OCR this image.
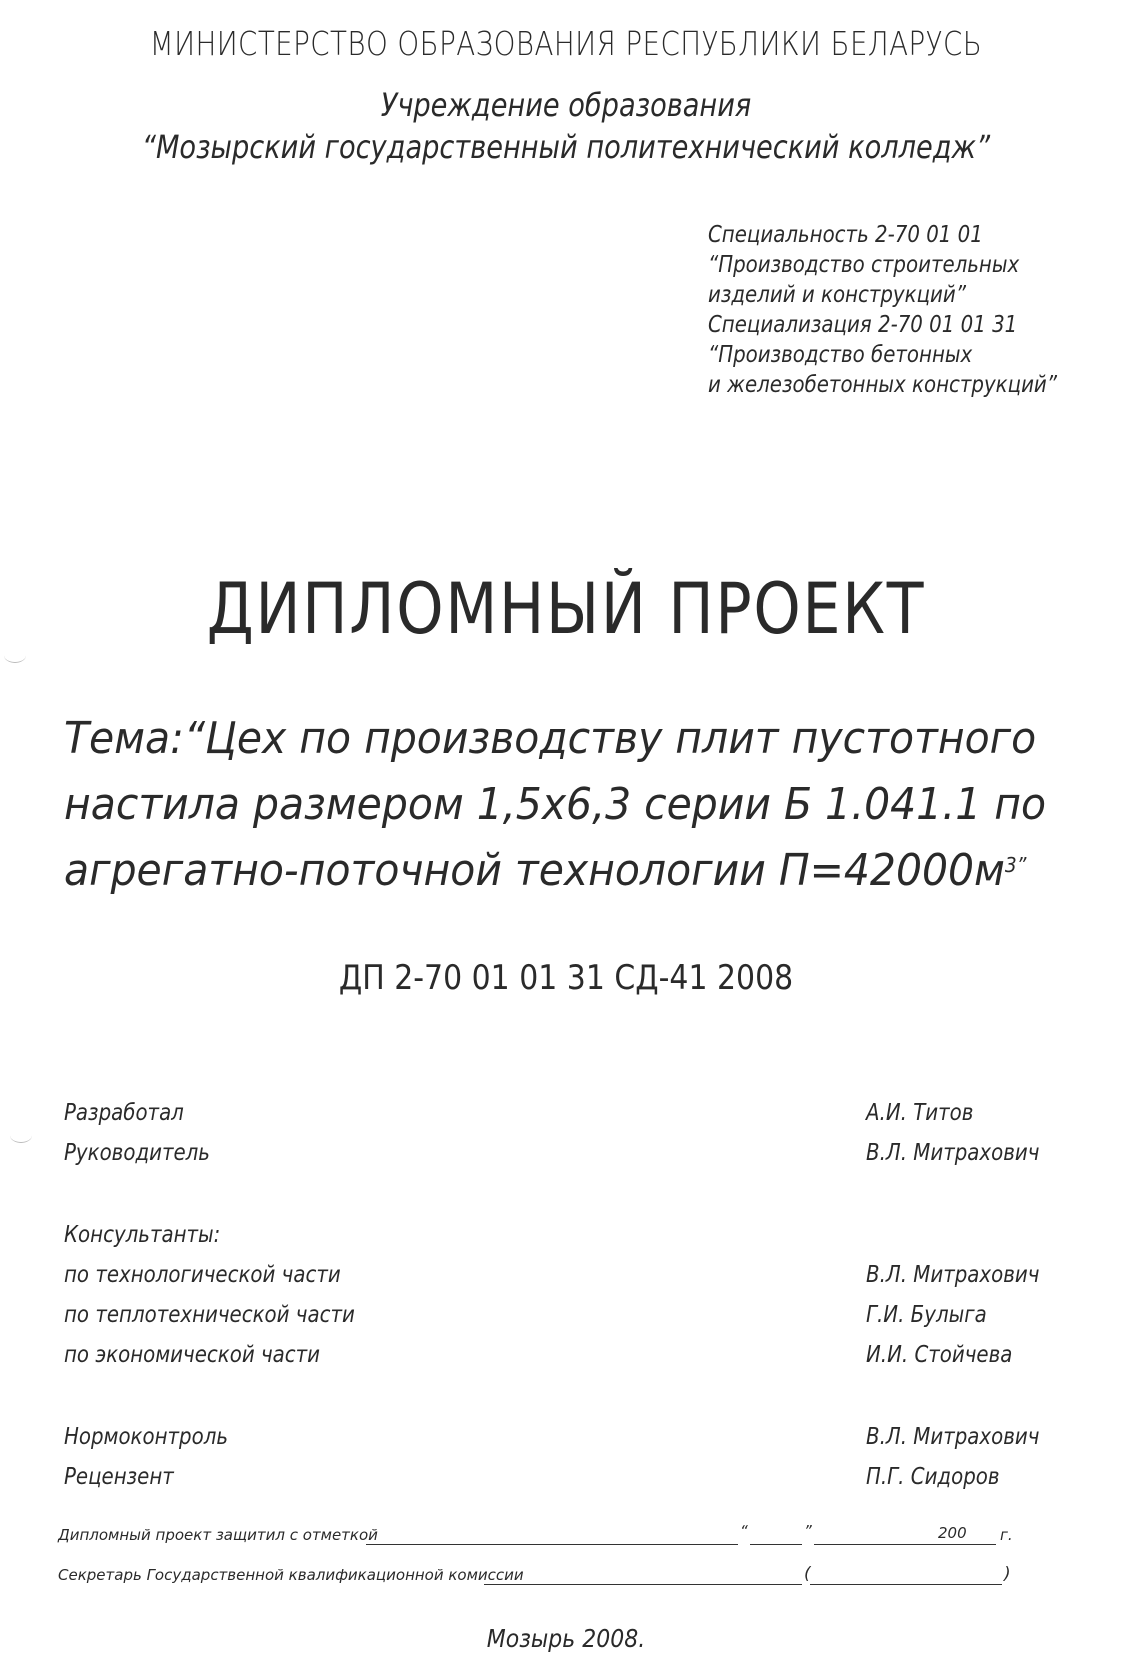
МИНИСТЕРСТВО ОБРАЗОВАНИЯ РЕСПУБЛИКИ БЕЛАРУСЬ
Учреждение образования
“Мозырский государственный политехнический колледж”
Специальность 2-70 01 01
“Производство строительных
изделий и конструкций”
Специализация 2-70 01 01 31
“Производство бетонных
и железобетонных конструкций”
ДИПЛОМНЫЙ ПРОЕКТ
Тема:“Цех по производству плит пустотного
настила размером 1,5х6,3 серии Б 1.041.1 по
агрегатно-поточной технологии $П=42000м^{3”}$
ДП 2-70 01 01 31 СД-41 2008
Разработал	А.И. Титов
Руководитель	В.Л. Митрахович
Консультанты:
по технологической части	В.Л. Митрахович
по теплотехнической части	Г.И. Булыга
по экономической части	И.И. Стойчева
Нормоконтроль	В.Л. Митрахович
Рецензент	П.Г. Сидоров
Дипломный проект защитил с отметкой	“	”	200 г.
Секретарь Государственной квалификационной комиссии	(	)
Мозырь 2008.
